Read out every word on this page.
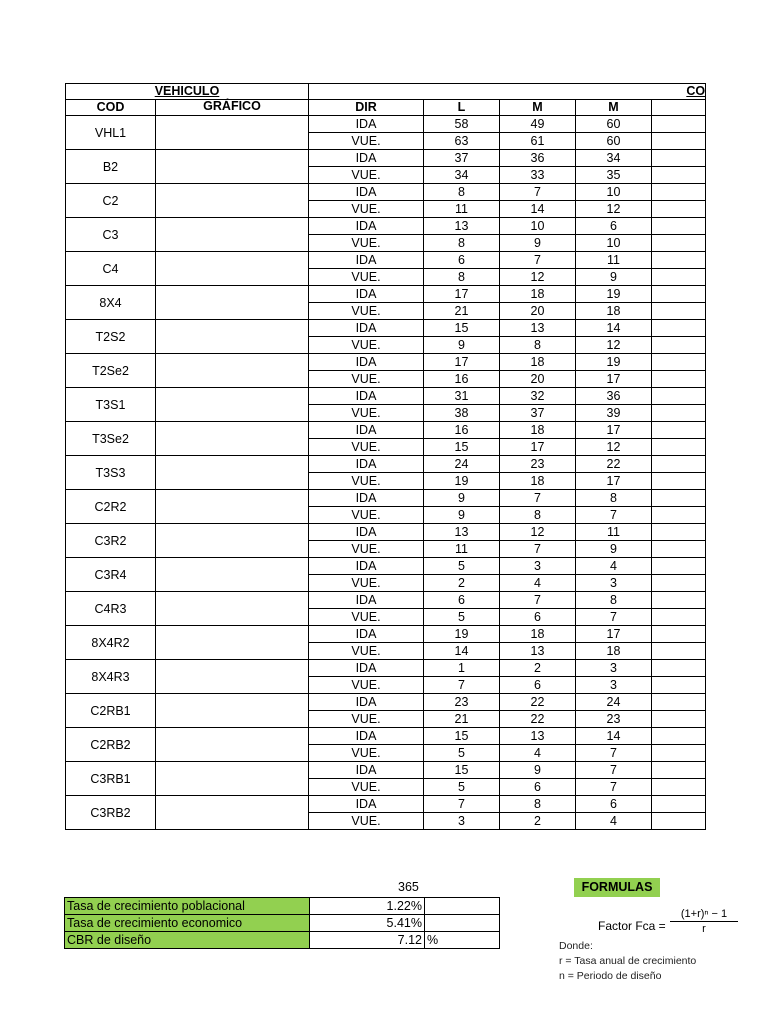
VEHICULO		CO				
COD	GRÁFICO	DIR	L	M	M	
VHL1		IDA	58	49	60	
		VUE.	63	61	60	
B2		IDA	37	36	34	
		VUE.	34	33	35	
C2		IDA	8	7	10	
		VUE.	11	14	12	
C3		IDA	13	10	6	
		VUE.	8	9	10	
C4		IDA	6	7	11	
		VUE.	8	12	9	
8X4		IDA	17	18	19	
		VUE.	21	20	18	
T2S2		IDA	15	13	14	
		VUE.	9	8	12	
T2Se2		IDA	17	18	19	
		VUE.	16	20	17	
T3S1		IDA	31	32	36	
		VUE.	38	37	39	
T3Se2		IDA	16	18	17	
		VUE.	15	17	12	
T3S3		IDA	24	23	22	
		VUE.	19	18	17	
C2R2		IDA	9	7	8	
		VUE.	9	8	7	
C3R2		IDA	13	12	11	
		VUE.	11	7	9	
C3R4		IDA	5	3	4	
		VUE.	2	4	3	
C4R3		IDA	6	7	8	
		VUE.	5	6	7	
8X4R2		IDA	19	18	17	
		VUE.	14	13	18	
8X4R3		IDA	1	2	3	
		VUE.	7	6	3	
C2RB1		IDA	23	22	24	
		VUE.	21	22	23	
C2RB2		IDA	15	13	14	
		VUE.	5	4	7	
C3RB1		IDA	15	9	7	
		VUE.	5	6	7	
C3RB2		IDA	7	8	6	
		VUE.	3	2	4	
365
Tasa de crecimiento poblacional	1.22%	
Tasa de crecimiento economico	5.41%	
CBR de diseño	7.12	%
FORMULAS
Factor Fca = $\frac{\text{(1+r)ⁿ − 1}}{r}$
Donde:
r = Tasa anual de crecimiento
n = Periodo de diseño
